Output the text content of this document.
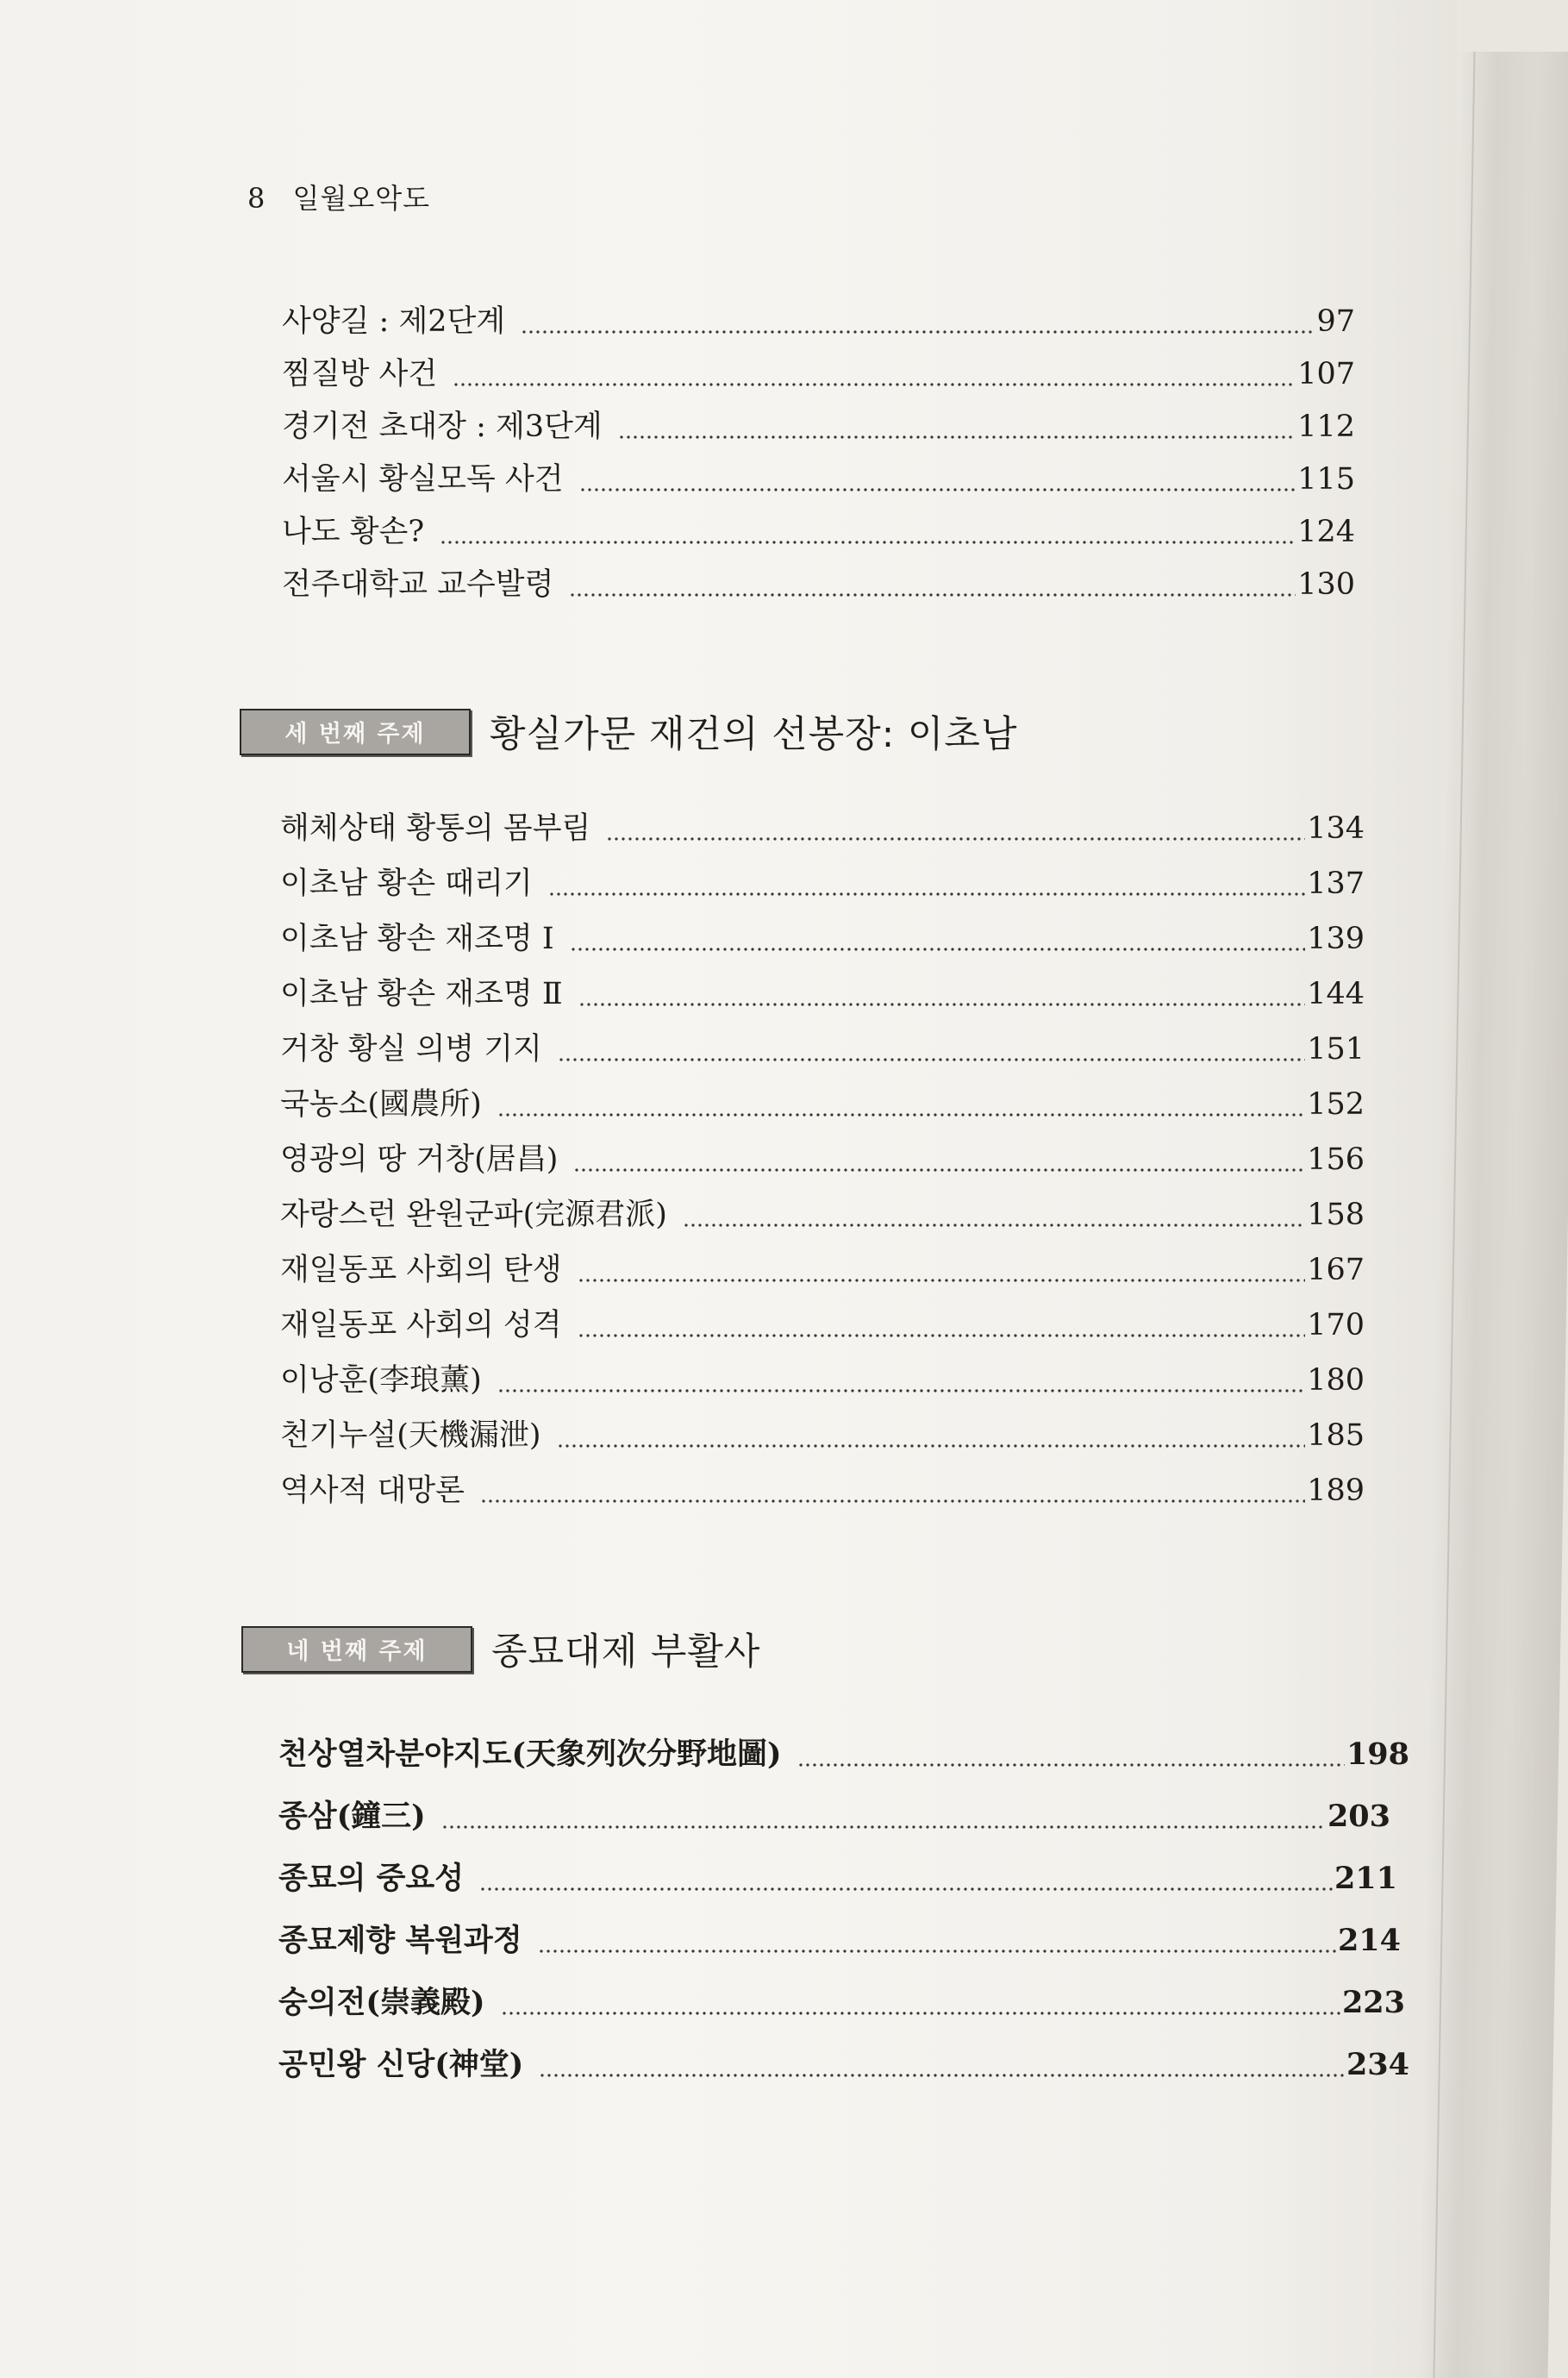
8 일월오악도
사양길 : 제2단계	97
찜질방 사건	107
경기전 초대장 : 제3단계	112
서울시 황실모독 사건	115
나도 황손?	124
전주대학교 교수발령	130
세 번째 주제	황실가문 재건의 선봉장: 이초남
해체상태 황통의 몸부림	134
이초남 황손 때리기	137
이초남 황손 재조명 Ⅰ	139
이초남 황손 재조명 Ⅱ	144
거창 황실 의병 기지	151
국농소(國農所)	152
영광의 땅 거창(居昌)	156
자랑스런 완원군파(完源君派)	158
재일동포 사회의 탄생	167
재일동포 사회의 성격	170
이낭훈(李琅薰)	180
천기누설(天機漏泄)	185
역사적 대망론	189
네 번째 주제	종묘대제 부활사
천상열차분야지도(天象列次分野地圖)	198
종삼(鐘三)	203
종묘의 중요성	211
종묘제향 복원과정	214
숭의전(崇義殿)	223
공민왕 신당(神堂)	234
